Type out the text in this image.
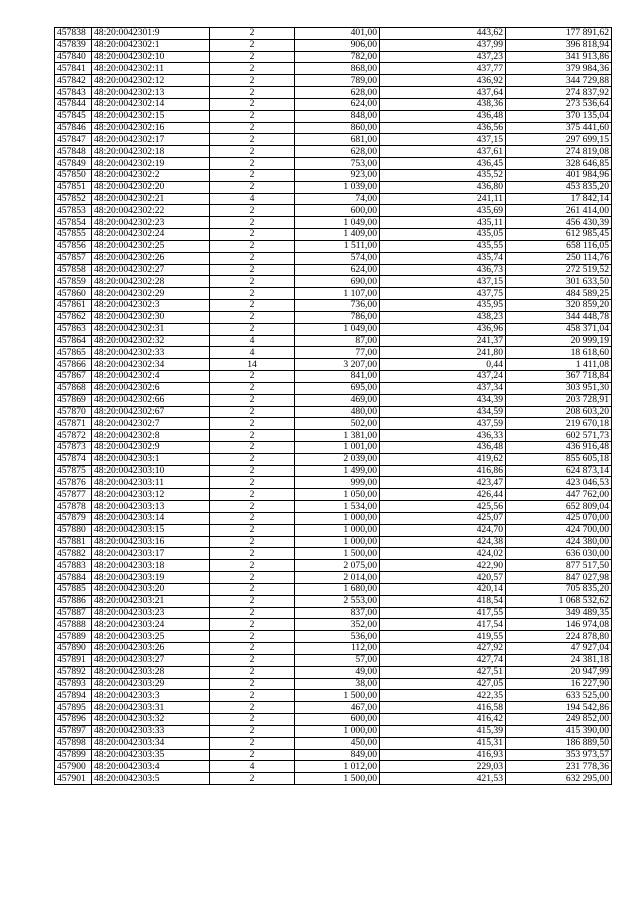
457838	48:20:0042301:9	2	401,00	443,62	177 891,62
457839	48:20:0042302:1	2	906,00	437,99	396 818,94
457840	48:20:0042302:10	2	782,00	437,23	341 913,86
457841	48:20:0042302:11	2	868,00	437,77	379 984,36
457842	48:20:0042302:12	2	789,00	436,92	344 729,88
457843	48:20:0042302:13	2	628,00	437,64	274 837,92
457844	48:20:0042302:14	2	624,00	438,36	273 536,64
457845	48:20:0042302:15	2	848,00	436,48	370 135,04
457846	48:20:0042302:16	2	860,00	436,56	375 441,60
457847	48:20:0042302:17	2	681,00	437,15	297 699,15
457848	48:20:0042302:18	2	628,00	437,61	274 819,08
457849	48:20:0042302:19	2	753,00	436,45	328 646,85
457850	48:20:0042302:2	2	923,00	435,52	401 984,96
457851	48:20:0042302:20	2	1 039,00	436,80	453 835,20
457852	48:20:0042302:21	4	74,00	241,11	17 842,14
457853	48:20:0042302:22	2	600,00	435,69	261 414,00
457854	48:20:0042302:23	2	1 049,00	435,11	456 430,39
457855	48:20:0042302:24	2	1 409,00	435,05	612 985,45
457856	48:20:0042302:25	2	1 511,00	435,55	658 116,05
457857	48:20:0042302:26	2	574,00	435,74	250 114,76
457858	48:20:0042302:27	2	624,00	436,73	272 519,52
457859	48:20:0042302:28	2	690,00	437,15	301 633,50
457860	48:20:0042302:29	2	1 107,00	437,75	484 589,25
457861	48:20:0042302:3	2	736,00	435,95	320 859,20
457862	48:20:0042302:30	2	786,00	438,23	344 448,78
457863	48:20:0042302:31	2	1 049,00	436,96	458 371,04
457864	48:20:0042302:32	4	87,00	241,37	20 999,19
457865	48:20:0042302:33	4	77,00	241,80	18 618,60
457866	48:20:0042302:34	14	3 207,00	0,44	1 411,08
457867	48:20:0042302:4	2	841,00	437,24	367 718,84
457868	48:20:0042302:6	2	695,00	437,34	303 951,30
457869	48:20:0042302:66	2	469,00	434,39	203 728,91
457870	48:20:0042302:67	2	480,00	434,59	208 603,20
457871	48:20:0042302:7	2	502,00	437,59	219 670,18
457872	48:20:0042302:8	2	1 381,00	436,33	602 571,73
457873	48:20:0042302:9	2	1 001,00	436,48	436 916,48
457874	48:20:0042303:1	2	2 039,00	419,62	855 605,18
457875	48:20:0042303:10	2	1 499,00	416,86	624 873,14
457876	48:20:0042303:11	2	999,00	423,47	423 046,53
457877	48:20:0042303:12	2	1 050,00	426,44	447 762,00
457878	48:20:0042303:13	2	1 534,00	425,56	652 809,04
457879	48:20:0042303:14	2	1 000,00	425,07	425 070,00
457880	48:20:0042303:15	2	1 000,00	424,70	424 700,00
457881	48:20:0042303:16	2	1 000,00	424,38	424 380,00
457882	48:20:0042303:17	2	1 500,00	424,02	636 030,00
457883	48:20:0042303:18	2	2 075,00	422,90	877 517,50
457884	48:20:0042303:19	2	2 014,00	420,57	847 027,98
457885	48:20:0042303:20	2	1 680,00	420,14	705 835,20
457886	48:20:0042303:21	2	2 553,00	418,54	1 068 532,62
457887	48:20:0042303:23	2	837,00	417,55	349 489,35
457888	48:20:0042303:24	2	352,00	417,54	146 974,08
457889	48:20:0042303:25	2	536,00	419,55	224 878,80
457890	48:20:0042303:26	2	112,00	427,92	47 927,04
457891	48:20:0042303:27	2	57,00	427,74	24 381,18
457892	48:20:0042303:28	2	49,00	427,51	20 947,99
457893	48:20:0042303:29	2	38,00	427,05	16 227,90
457894	48:20:0042303:3	2	1 500,00	422,35	633 525,00
457895	48:20:0042303:31	2	467,00	416,58	194 542,86
457896	48:20:0042303:32	2	600,00	416,42	249 852,00
457897	48:20:0042303:33	2	1 000,00	415,39	415 390,00
457898	48:20:0042303:34	2	450,00	415,31	186 889,50
457899	48:20:0042303:35	2	849,00	416,93	353 973,57
457900	48:20:0042303:4	4	1 012,00	229,03	231 778,36
457901	48:20:0042303:5	2	1 500,00	421,53	632 295,00
